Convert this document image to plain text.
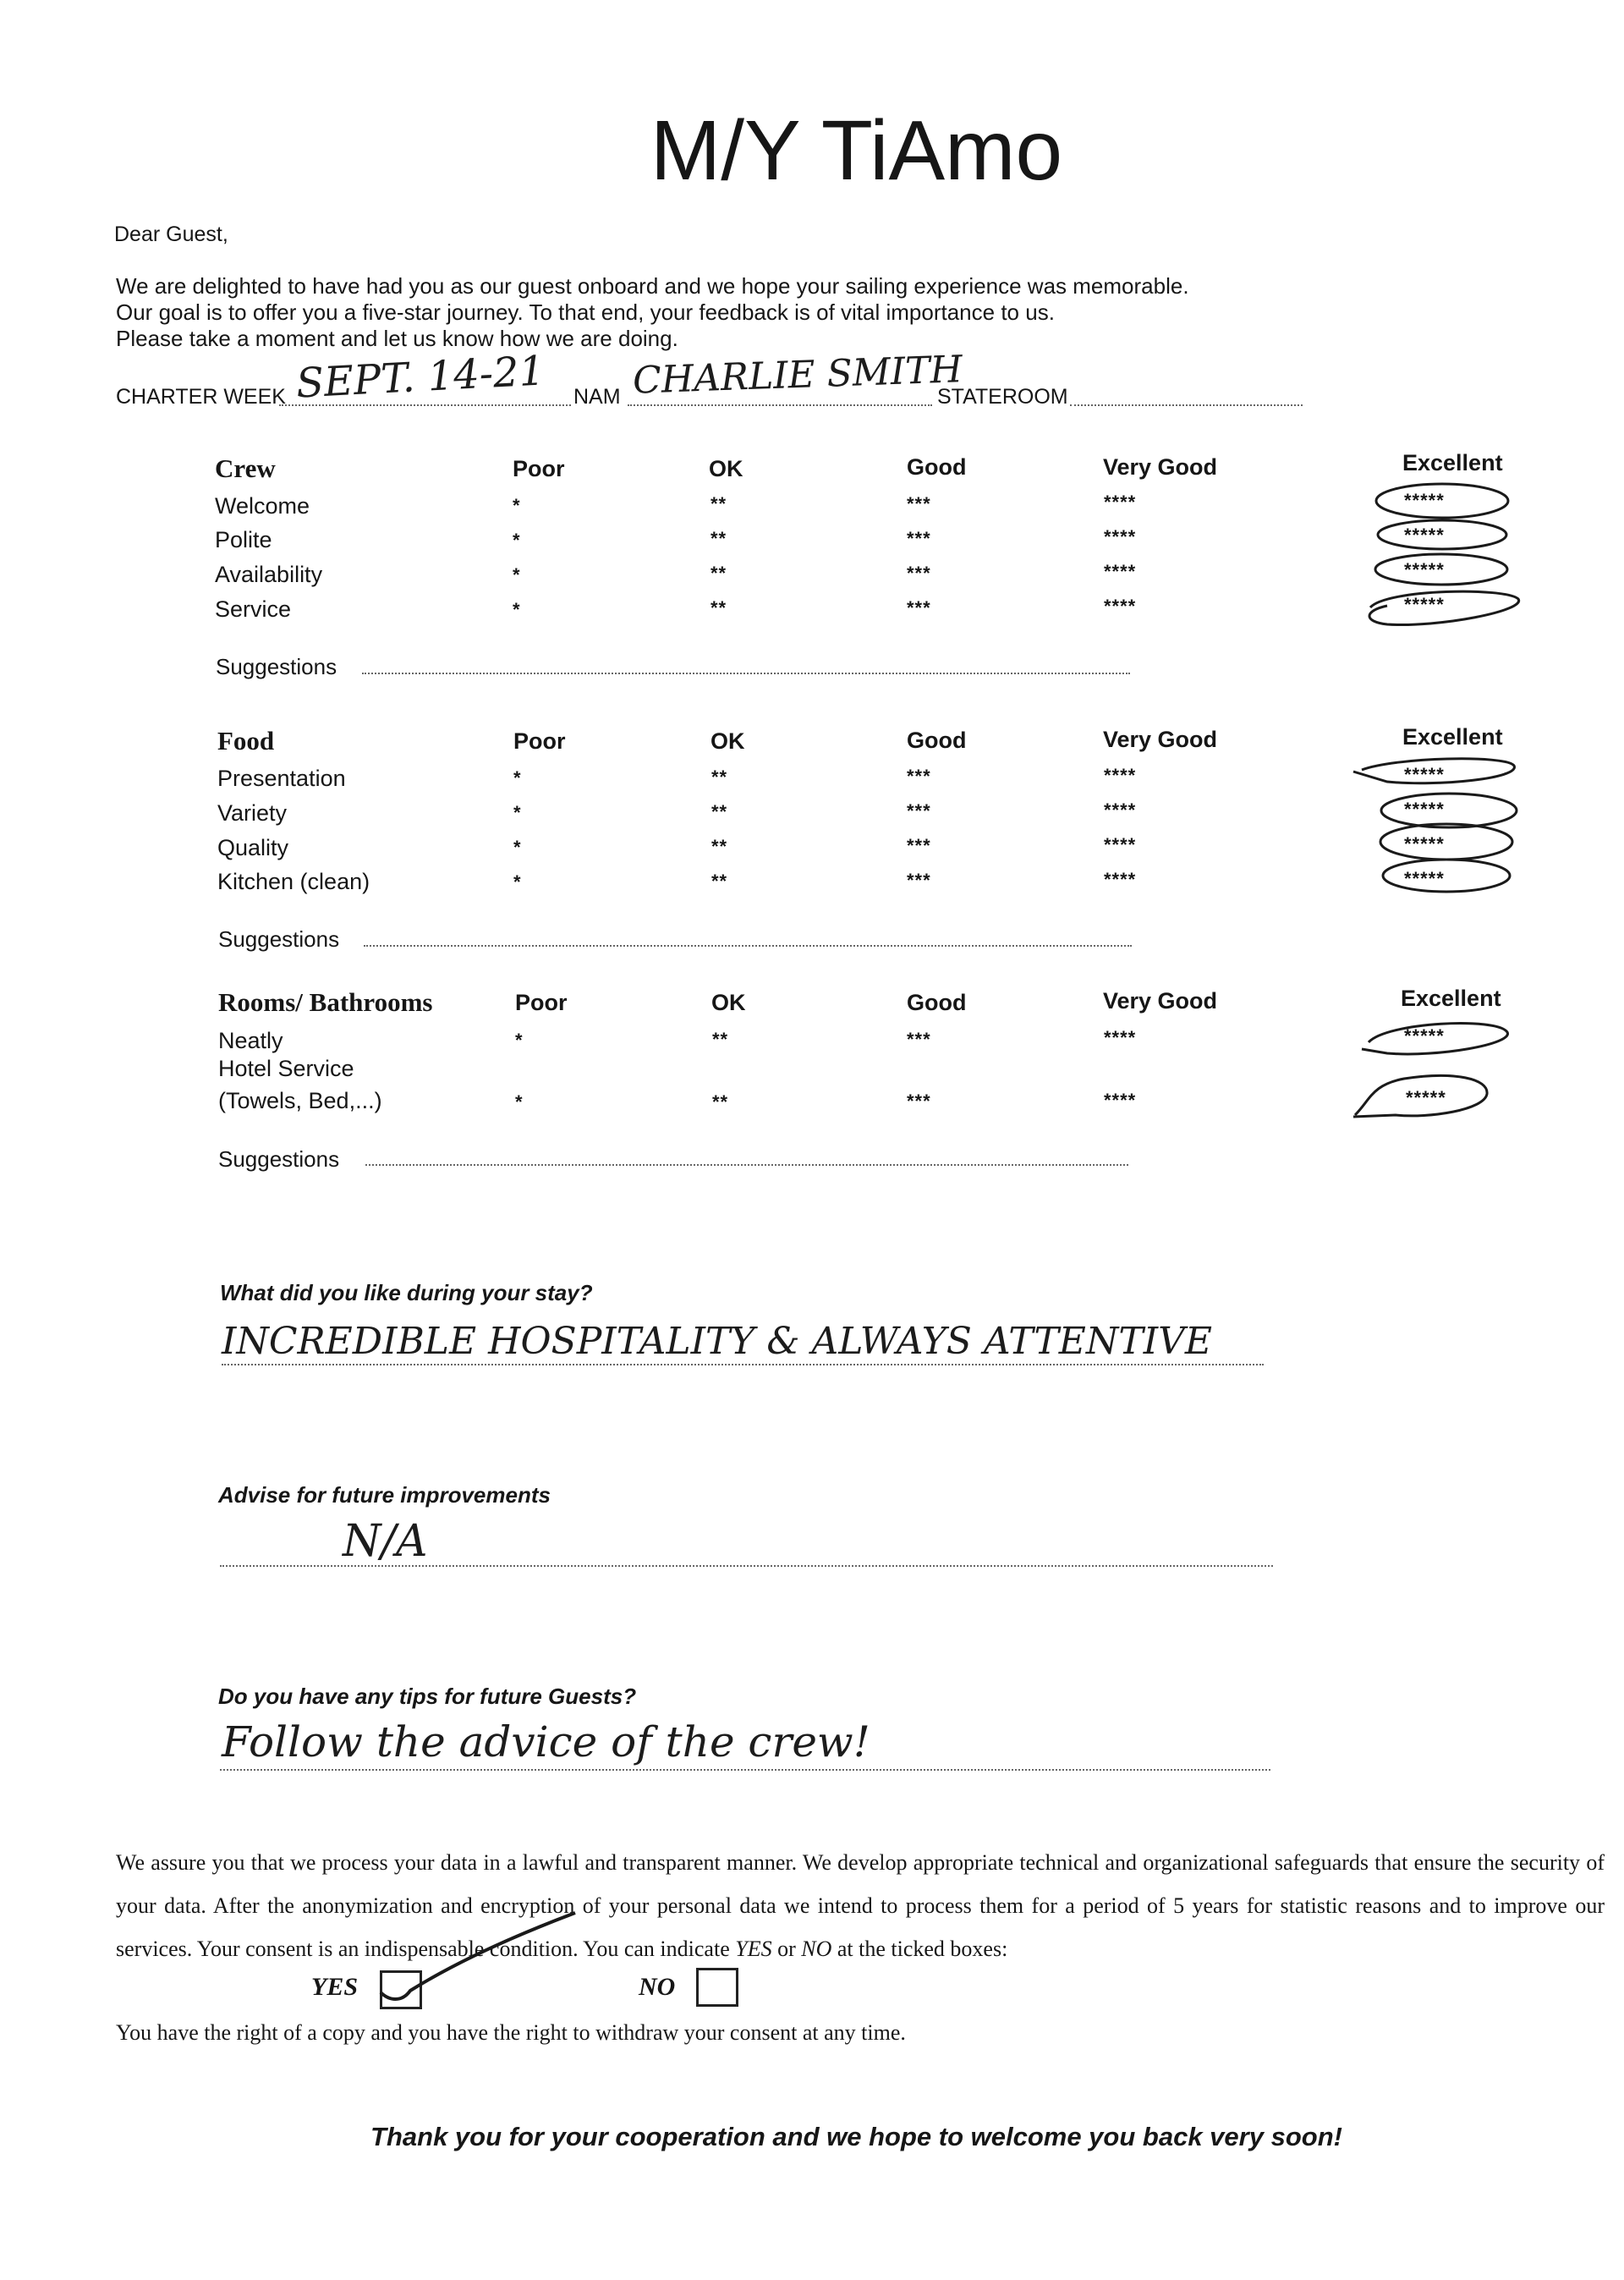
M/Y TiAmo
Dear Guest,
We are delighted to have had you as our guest onboard and we hope your sailing experience was memorable.
Our goal is to offer you a five-star journey. To that end, your feedback is of vital importance to us.
Please take a moment and let us know how we are doing.
CHARTER WEEK SEPT. 14-21 NAM CHARLIE SMITH
STATEROOM
Crew	Poor	OK	Good	Very Good	Excellent
Welcome	*	**	***	****	*****
Polite	*	**	***	****	*****
Availability	*	**	***	****	*****
Service	*	**	***	****	*****
Suggestions
Food	Poor	OK	Good	Very Good	Excellent
Presentation	*	**	***	****	*****
Variety	*	**	***	****	*****
Quality	*	**	***	****	*****
Kitchen (clean)	*	**	***	****	*****
Suggestions
Rooms/ Bathrooms	Poor	OK	Good	Very Good	Excellent
Neatly	*	**	***	****	*****
Hotel Service
(Towels, Bed,...)	*	**	***	****	*****
Suggestions
What did you like during your stay?
INCREDIBLE HOSPITALITY & ALWAYS ATTENTIVE
Advise for future improvements
N/A
Do you have any tips for future Guests?
Follow the advice of the crew!
We assure you that we process your data in a lawful and transparent manner. We develop appropriate technical and organizational safeguards that ensure the security of your data. After the anonymization and encryption of your personal data we intend to process them for a period of 5 years for statistic reasons and to improve our services. Your consent is an indispensable condition. You can indicate YES or NO at the ticked boxes:
YES	NO
You have the right of a copy and you have the right to withdraw your consent at any time.
Thank you for your cooperation and we hope to welcome you back very soon!
